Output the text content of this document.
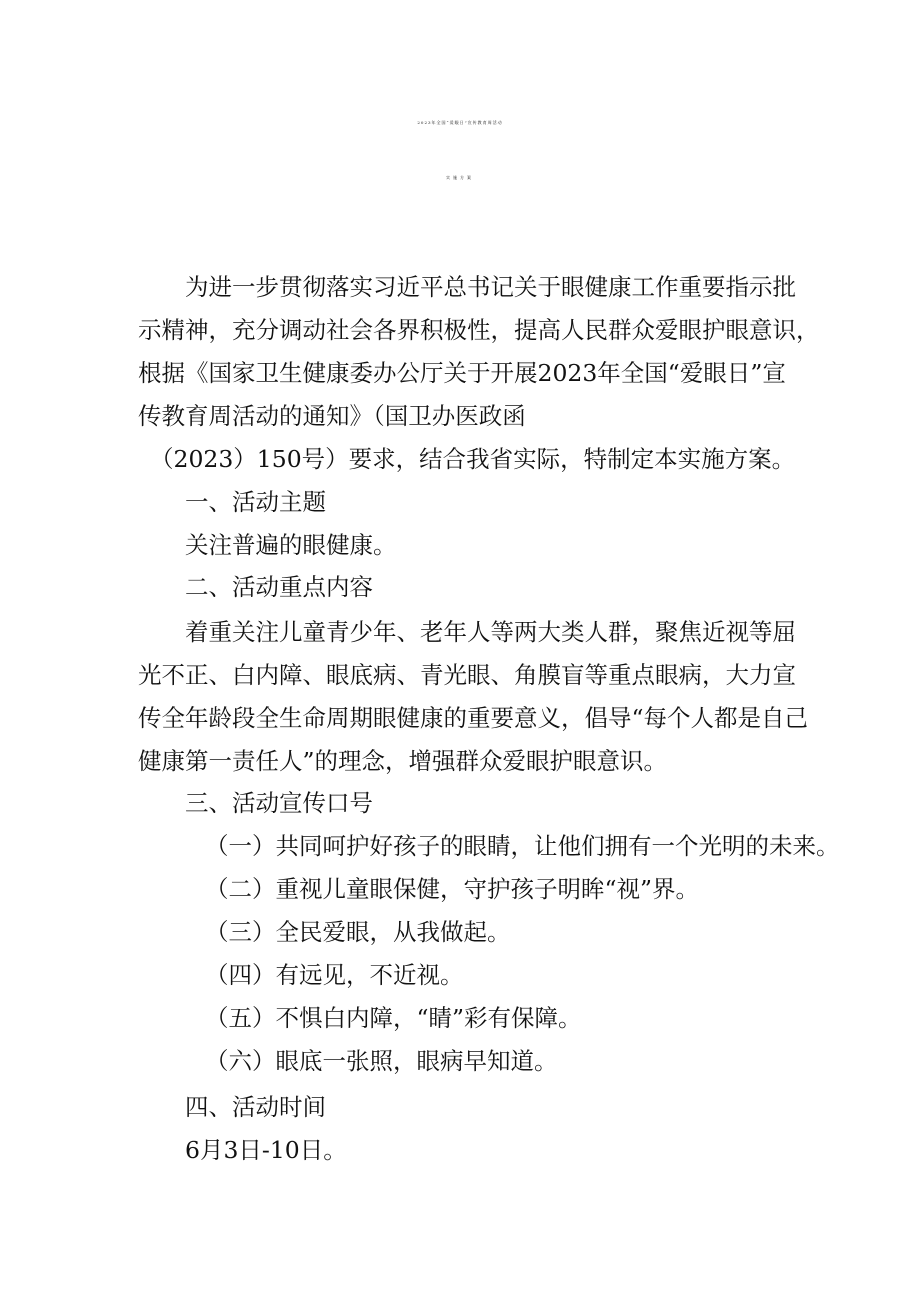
2023年全国“爱眼日”宣传教育周活动
实施方案
为进一步贯彻落实习近平总书记关于眼健康工作重要指示批
示精神，充分调动社会各界积极性，提高人民群众爱眼护眼意识，
根据《国家卫生健康委办公厅关于开展2023年全国“爱眼日”宣
传教育周活动的通知》（国卫办医政函
（2023）150号）要求，结合我省实际，特制定本实施方案。
一、活动主题
关注普遍的眼健康。
二、活动重点内容
着重关注儿童青少年、老年人等两大类人群，聚焦近视等屈
光不正、白内障、眼底病、青光眼、角膜盲等重点眼病，大力宣
传全年龄段全生命周期眼健康的重要意义，倡导“每个人都是自己
健康第一责任人”的理念，增强群众爱眼护眼意识。
三、活动宣传口号
（一）共同呵护好孩子的眼睛，让他们拥有一个光明的未来。
（二）重视儿童眼保健，守护孩子明眸“视”界。
（三）全民爱眼，从我做起。
（四）有远见，不近视。
（五）不惧白内障，“睛”彩有保障。
（六）眼底一张照，眼病早知道。
四、活动时间
6月3日-10日。
